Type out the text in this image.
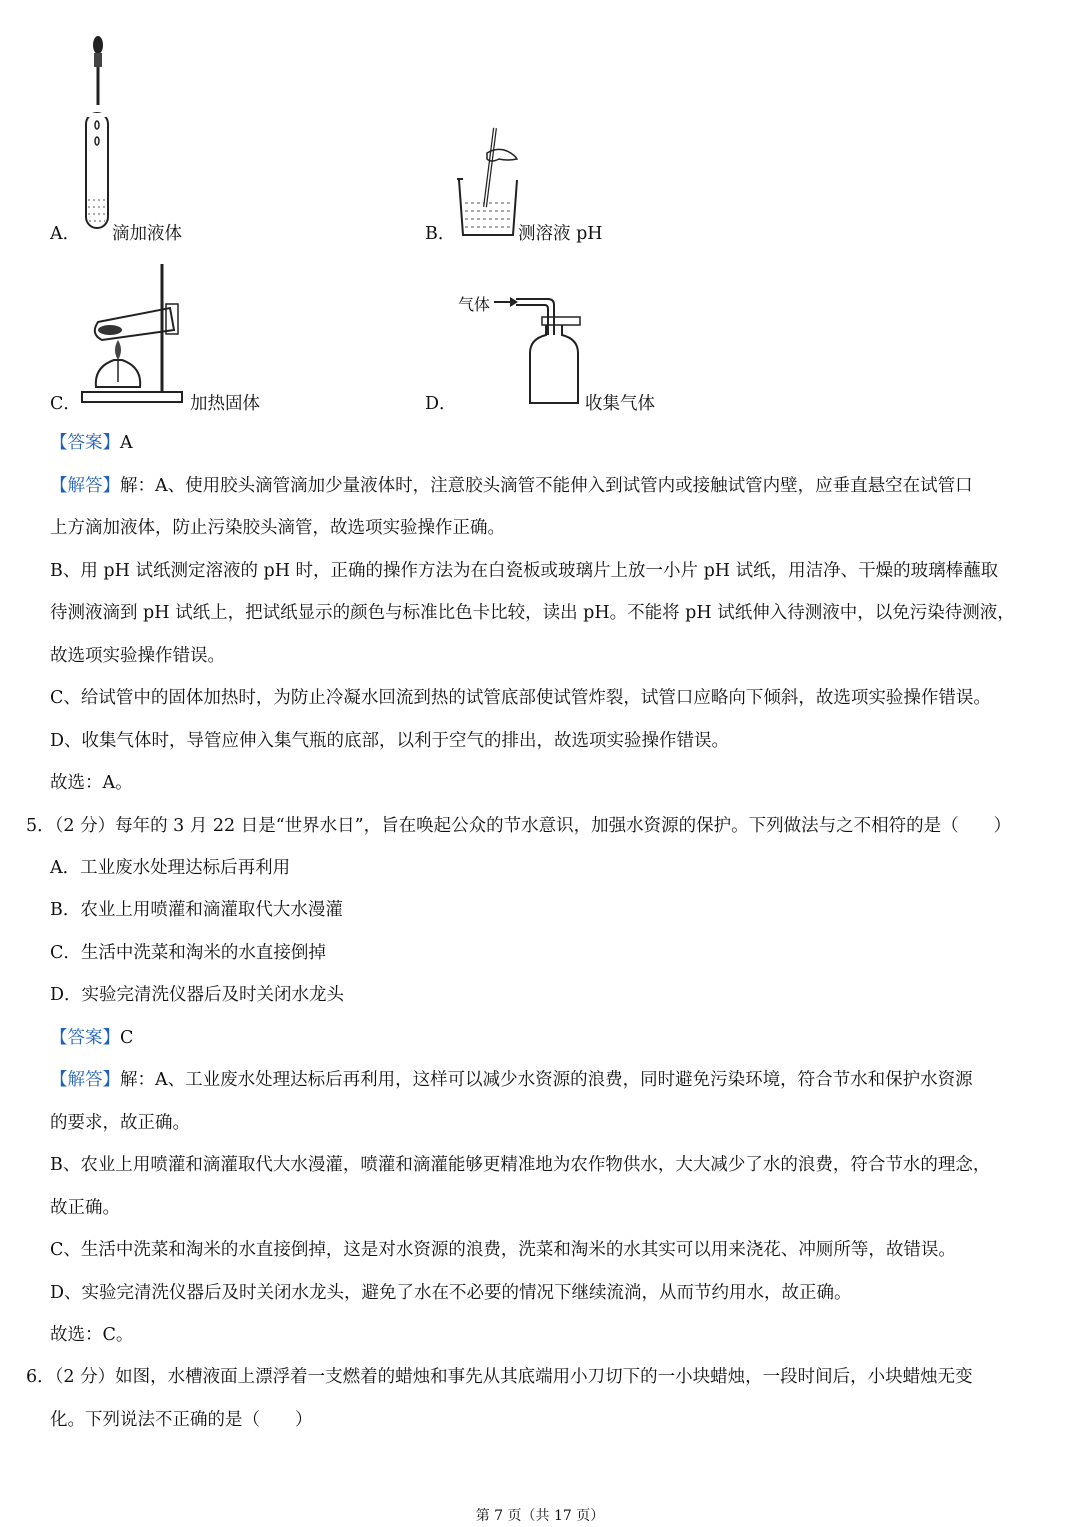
A． 滴加液体	B．	测溶液 pH
C．	加热固体
气体
D．	收集气体
【答案】A
【解答】解：A、使用胶头滴管滴加少量液体时，注意胶头滴管不能伸入到试管内或接触试管内壁，应垂直悬空在试管口
上方滴加液体，防止污染胶头滴管，故选项实验操作正确。
B、用 pH 试纸测定溶液的 pH 时，正确的操作方法为在白瓷板或玻璃片上放一小片 pH 试纸，用洁净、干燥的玻璃棒蘸取
待测液滴到 pH 试纸上，把试纸显示的颜色与标准比色卡比较，读出 pH。不能将 pH 试纸伸入待测液中，以免污染待测液，
故选项实验操作错误。
C、给试管中的固体加热时，为防止冷凝水回流到热的试管底部使试管炸裂，试管口应略向下倾斜，故选项实验操作错误。
D、收集气体时，导管应伸入集气瓶的底部，以利于空气的排出，故选项实验操作错误。
故选：A。
5．（2 分）每年的 3 月 22 日是“世界水日”，旨在唤起公众的节水意识，加强水资源的保护。下列做法与之不相符的是（　　）
A．工业废水处理达标后再利用
B．农业上用喷灌和滴灌取代大水漫灌
C．生活中洗菜和淘米的水直接倒掉
D．实验完清洗仪器后及时关闭水龙头
【答案】C
【解答】解：A、工业废水处理达标后再利用，这样可以减少水资源的浪费，同时避免污染环境，符合节水和保护水资源
的要求，故正确。
B、农业上用喷灌和滴灌取代大水漫灌，喷灌和滴灌能够更精准地为农作物供水，大大减少了水的浪费，符合节水的理念，
故正确。
C、生活中洗菜和淘米的水直接倒掉，这是对水资源的浪费，洗菜和淘米的水其实可以用来浇花、冲厕所等，故错误。
D、实验完清洗仪器后及时关闭水龙头，避免了水在不必要的情况下继续流淌，从而节约用水，故正确。
故选：C。
6．（2 分）如图，水槽液面上漂浮着一支燃着的蜡烛和事先从其底端用小刀切下的一小块蜡烛，一段时间后，小块蜡烛无变
化。下列说法不正确的是（　　）
第 7 页（共 17 页）
